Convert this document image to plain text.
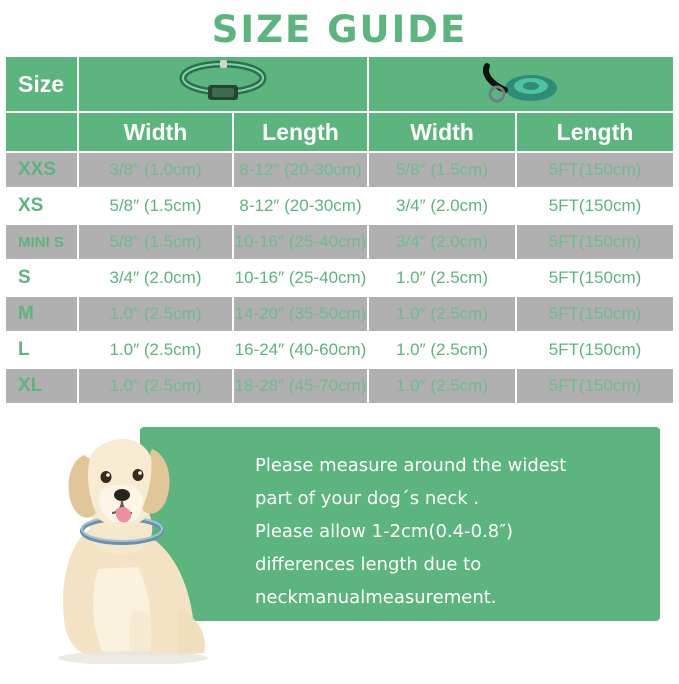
SIZE GUIDE
Size		
	Width	Length	Width	Length
XXS	3/8″ (1.0cm)	8-12″ (20-30cm)	5/8″ (1.5cm)	5FT(150cm)
XS	5/8″ (1.5cm)	8-12″ (20-30cm)	3/4″ (2.0cm)	5FT(150cm)
MINI S	5/8″ (1.5cm)	10-16″ (25-40cm)	3/4″ (2.0cm)	5FT(150cm)
S	3/4″ (2.0cm)	10-16″ (25-40cm)	1.0″ (2.5cm)	5FT(150cm)
M	1.0″ (2.5cm)	14-20″ (35-50cm)	1.0″ (2.5cm)	5FT(150cm)
L	1.0″ (2.5cm)	16-24″ (40-60cm)	1.0″ (2.5cm)	5FT(150cm)
XL	1.0″ (2.5cm)	18-28″ (45-70cm)	1.0″ (2.5cm)	5FT(150cm)
Please measure around the widest
part of your dog´s neck .
Please allow 1-2cm(0.4-0.8″)
differences length due to
neckmanualmeasurement.
